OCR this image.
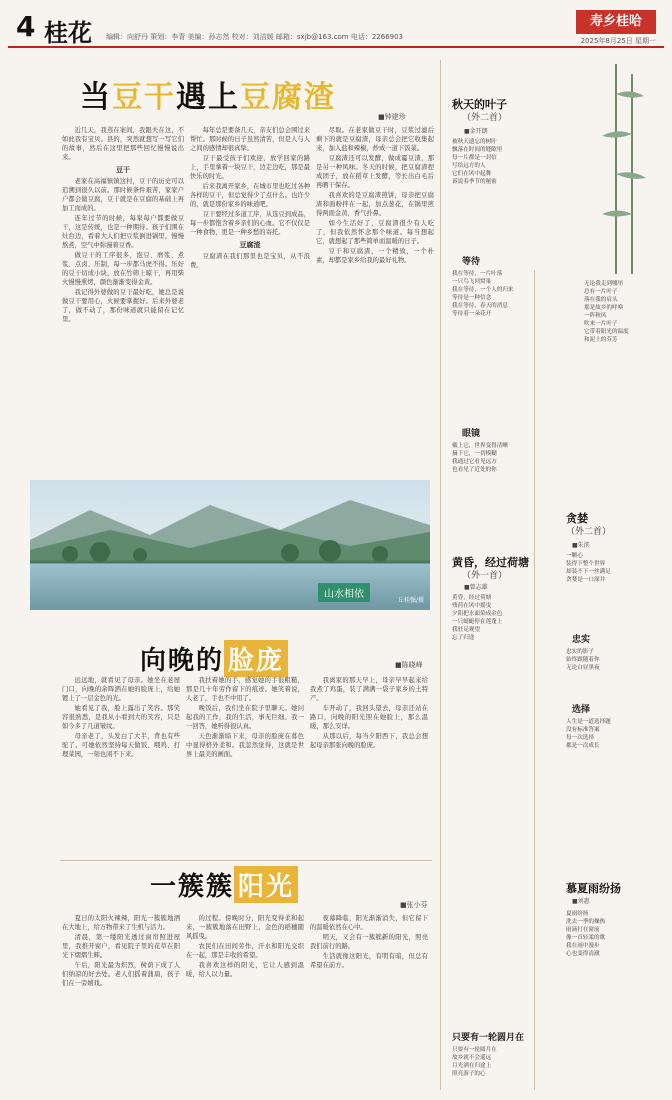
4 桂花 编辑：向舒丹 策划：李青 美编：孙志然 校对：刘洁媛 邮箱：sxjb@163.com 电话：2266903
寿乡桂哈
2025年8月25日 星期一
当豆干遇上豆腐渣
■钟建珍

近几天，我蒸在案间，我跟夫在这，不如此我有宝贝。县的，突然就想写一写它们的故事，然后在这里把那些回忆慢慢说出来。

豆干

老家在高福镇镇这村，豆干的历史可以追溯到很久以前。那时候条件艰苦，家家户户都会做豆腐，豆干就是在豆腐的基础上再加工而成的。

连年过节的时候，每家每户都要做豆干，这是传统，也是一种期待。孩子们围在灶台边，看着大人们把豆浆倒进锅里，慢慢熬煮，空气中弥漫着豆香。

做豆干的工序很多，泡豆、磨浆、煮浆、点卤、压制，每一步都马虎不得。压好的豆干切成小块，放在竹筛上晾干，再用柴火慢慢熏烤，颜色渐渐变得金黄。

我记得外婆做的豆干最好吃，她总是说做豆干要用心，火候要掌握好。后来外婆老了，做不动了，那份味道就只能留在记忆里。

每年总是要备几天，亲友们总会围过来帮忙。那时候的日子虽然清苦，但是人与人之间的感情却很真挚。

豆干最受孩子们欢迎，放学回家的路上，手里拿着一块豆干，边走边吃，那是最快乐的时光。

后来我离开家乡，在城市里也吃过各种各样的豆干，但总觉得少了点什么。也许少的，就是那份家乡的味道吧。

豆干要经过多道工序，从选豆到成品，每一步都饱含着乡亲们的心血。它不仅仅是一种食物，更是一种乡愁的寄托。

豆腐渣

豆腐渣在我们那里也是宝贝，从不浪费。

尽取。在老家做豆干时，豆浆过滤后剩下的就是豆腐渣，母亲总会把它收集起来，加入盐和辣椒，炒成一道下饭菜。

豆腐渣还可以发酵，做成霉豆渣，那是另一种风味。冬天的时候，把豆腐渣捏成团子，放在稻草上发酵，等长出白毛后再晒干保存。

我喜欢的是豆腐渣煎饼，母亲把豆腐渣和面粉拌在一起，加点葱花，在锅里煎得两面金黄，香气扑鼻。

如今生活好了，豆腐渣很少有人吃了，但我依然怀念那个味道。每当想起它，就想起了那些简单而温暖的日子。

豆干和豆腐渣，一个精致，一个朴素，却都是家乡给我的最好礼物。

山水相依
丘桂强/摄
向晚的 脸庞	■陈晓峰

远远地，就看见了母亲。她坐在老屋门口，向晚的余晖洒在她的脸庞上，给她镀上了一层金色的光。

她看见了我，脸上露出了笑容。那笑容很熟悉，是我从小看到大的笑容，只是如今多了几道皱纹。

母亲老了，头发白了大半，背也有些驼了。可她依然坚持每天做饭、喂鸡、打理菜园，一刻也闲不下来。

我扶着她的手，感觉她的手很粗糙，那是几十年劳作留下的痕迹。她笑着说，人老了，手也不中用了。

晚饭后，我们坐在院子里聊天。她问起我的工作，我的生活，事无巨细。我一一回答，她听得很认真。

天色渐渐暗下来，母亲的脸庞在暮色中显得格外柔和。我忽然觉得，这就是世界上最美的画面。

我离家的那天早上，母亲早早起来给我煮了鸡蛋，装了满满一袋子家乡的土特产。

车开动了，我回头望去，母亲还站在路口，向晚的阳光照在她脸上，那么温暖，那么安详。

从那以后，每当夕阳西下，我总会想起母亲那张向晚的脸庞。

一簇簇 阳光
■张小芬

夏日的太阳火辣辣，阳光一簇簇地洒在大地上，给万物带来了生机与活力。

清晨，第一缕阳光透过窗帘照进屋里，我推开窗户，看见院子里的花草在阳光下熠熠生辉。

午后，阳光最为炽烈，树荫下成了人们纳凉的好去处。老人们摇着蒲扇，孩子们在一旁嬉戏。

的过程。傍晚时分，阳光变得柔和起来，一簇簇地落在田野上，金色的稻穗随风摇曳。

农民们在田间劳作，汗水和阳光交织在一起，那是丰收的希望。

我喜欢这样的阳光，它让人感到温暖，给人以力量。

夜幕降临，阳光渐渐消失，但它留下的温暖依然在心中。

明天，又会有一簇簇新的阳光，照亮我们前行的路。

生活就像这阳光，有明有暗，但总有希望在前方。

秋天的叶子
（外二首）
■金开朗
被秋天遗忘的树叶
飘落在时间的缝隙里
每一片都是一封信
写给远方的人
它们在风中起舞
诉说着季节的秘密
等待
我在等待，一片叶落
一只鸟飞回窝巢
我在等待，一个人的归来
等待是一种信念
我在等待，春天的消息
等待着一朵花开
眼镜
戴上它，世界变得清晰
摘下它，一切模糊
我通过它看见远方
也看见了近处的你
黄昏，经过荷塘
（外一首）
■曾志雄
黄昏，经过荷塘
残荷在风中摇曳
夕阳把水面染成金色
一只蜻蜓停在莲蓬上
我驻足观望
忘了归途
只要有一轮圆月在
只要有一轮圆月在
故乡就不会遥远
月光洒在归途上
照亮游子的心
无论我走到哪里
总有一片叶子
落在我的肩头
那是故乡的呼唤
一阵秋风
吹来一片叶子
它带着阳光的温度
和泥土的芬芳
贪婪
（外二首）
■朱滨
一颗心
装得下整个世界
却装不下一丝满足
贪婪是一口深井
忠实
忠实的影子
始终跟随着你
无论白昼黑夜
选择
人生是一道选择题
没有标准答案
每一次选择
都是一次成长
慕夏雨纷扬
■刘惠
夏雨纷扬
洗去一季的燥热
雨滴打在窗前
像一首轻柔的歌
我在雨中漫步
心也变得清澈
